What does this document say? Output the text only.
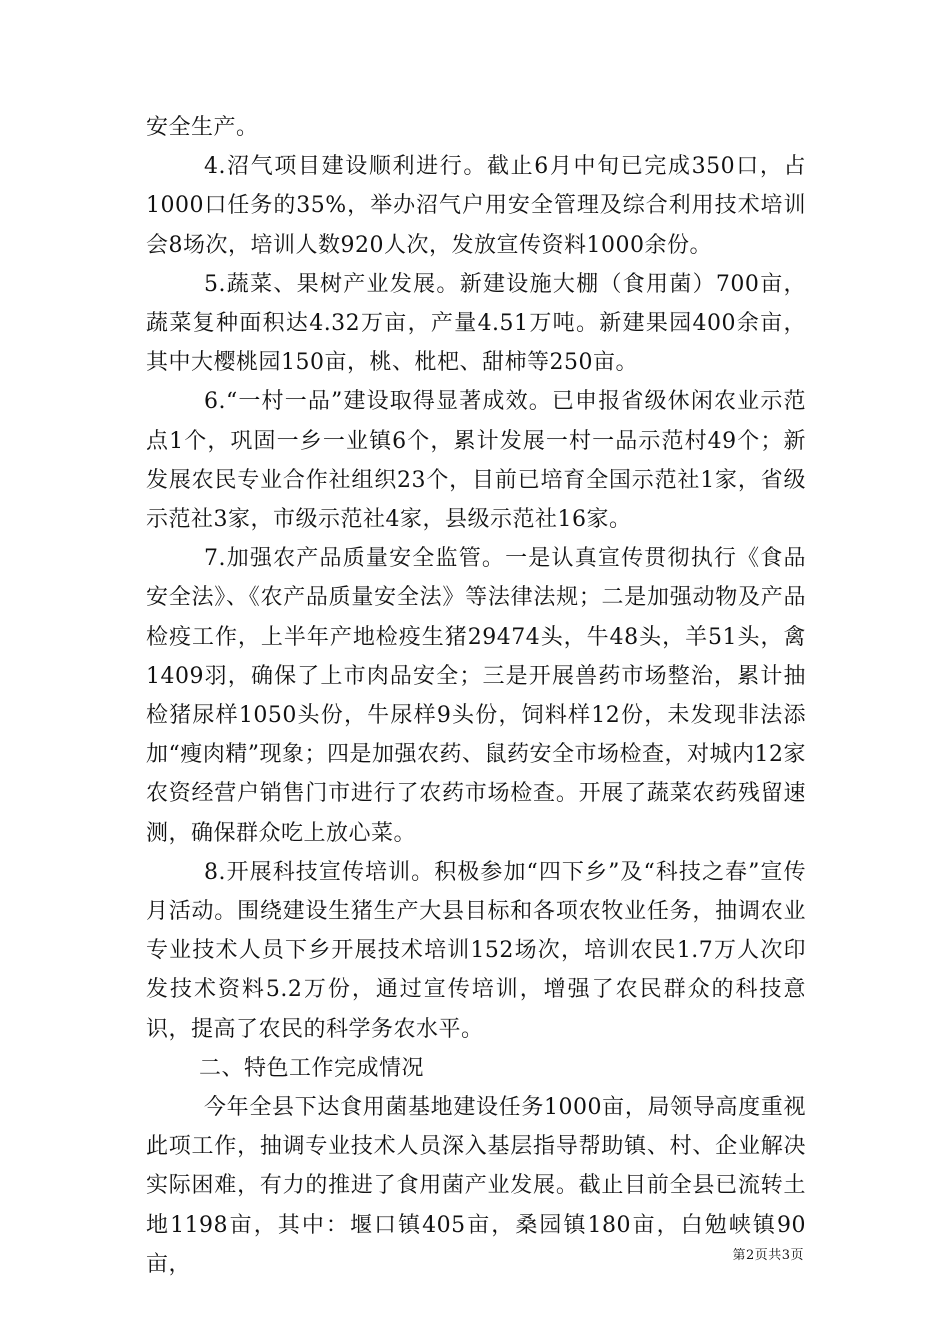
安全生产。

4.沼气项目建设顺利进行。截止6月中旬已完成350口，占1000口任务的35%，举办沼气户用安全管理及综合利用技术培训会8场次，培训人数920人次，发放宣传资料1000余份。

5.蔬菜、果树产业发展。新建设施大棚（食用菌）700亩，蔬菜复种面积达4.32万亩，产量4.51万吨。新建果园400余亩，其中大樱桃园150亩，桃、枇杷、甜柿等250亩。

6.“一村一品”建设取得显著成效。已申报省级休闲农业示范点1个，巩固一乡一业镇6个，累计发展一村一品示范村49个；新发展农民专业合作社组织23个，目前已培育全国示范社1家，省级示范社3家，市级示范社4家，县级示范社16家。

7.加强农产品质量安全监管。一是认真宣传贯彻执行《食品安全法》、《农产品质量安全法》等法律法规；二是加强动物及产品检疫工作，上半年产地检疫生猪29474头，牛48头，羊51头，禽1409羽，确保了上市肉品安全；三是开展兽药市场整治，累计抽检猪尿样1050头份，牛尿样9头份，饲料样12份，未发现非法添加“瘦肉精”现象；四是加强农药、鼠药安全市场检查，对城内12家农资经营户销售门市进行了农药市场检查。开展了蔬菜农药残留速测，确保群众吃上放心菜。

8.开展科技宣传培训。积极参加“四下乡”及“科技之春”宣传月活动。围绕建设生猪生产大县目标和各项农牧业任务，抽调农业专业技术人员下乡开展技术培训152场次，培训农民1.7万人次印发技术资料5.2万份，通过宣传培训，增强了农民群众的科技意识，提高了农民的科学务农水平。

二、特色工作完成情况

今年全县下达食用菌基地建设任务1000亩，局领导高度重视此项工作，抽调专业技术人员深入基层指导帮助镇、村、企业解决实际困难，有力的推进了食用菌产业发展。截止目前全县已流转土地1198亩，其中：堰口镇405亩，桑园镇180亩，白勉峡镇90亩，	第2页共3页
